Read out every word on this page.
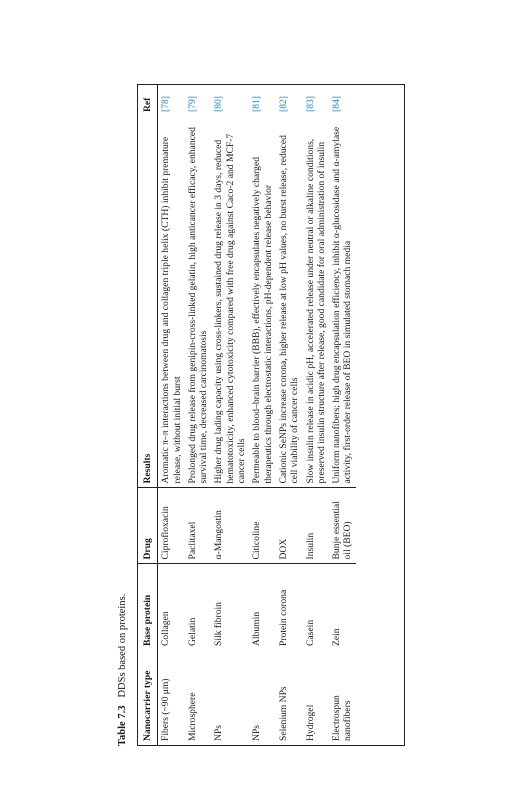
Table 7.3DDSs based on proteins.
Nanocarrier type	Base protein	Drug	Results	Ref
Fibers (~90 μm)	Collagen	Ciprofloxacin	Aromatic π–π interactions between drug and collagen triple helix (CTH) inhibit premature release, without initial burst	[78]
Microsphere	Gelatin	Paclitaxel	Prolonged drug release from genipin-cross-linked gelatin, high anticancer efficacy, enhanced survival time, decreased carcinomatosis	[79]
NPs	Silk fibroin	α-Mangostin	Higher drug lading capacity using cross-linkers, sustained drug release in 3 days, reduced hematotoxicity, enhanced cytotoxicity compared with free drug against Caco-2 and MCF-7 cancer cells	[80]
NPs	Albumin	Citicoline	Permeable to blood–brain barrier (BBB), effectively encapsulates negatively charged therapeutics through electrostatic interactions, pH-dependent release behavior	[81]
Selenium NPs	Protein corona	DOX	Cationic SeNPs increase corona, higher release at low pH values, no burst release, reduced cell viability of cancer cells	[82]
Hydrogel	Casein	Insulin	Slow insulin release in acidic pH, accelerated release under neutral or alkaline conditions, preserved insulin structure after release, good candidate for oral administration of insulin	[83]
Electrospun nanofibers	Zein	Bunje essential oil (BEO)	Uniform nanofibers; high drug encapsulation efficiency, inhibit α-glucosidase and α-amylase activity, first-order release of BEO in simulated stomach media	[84]
